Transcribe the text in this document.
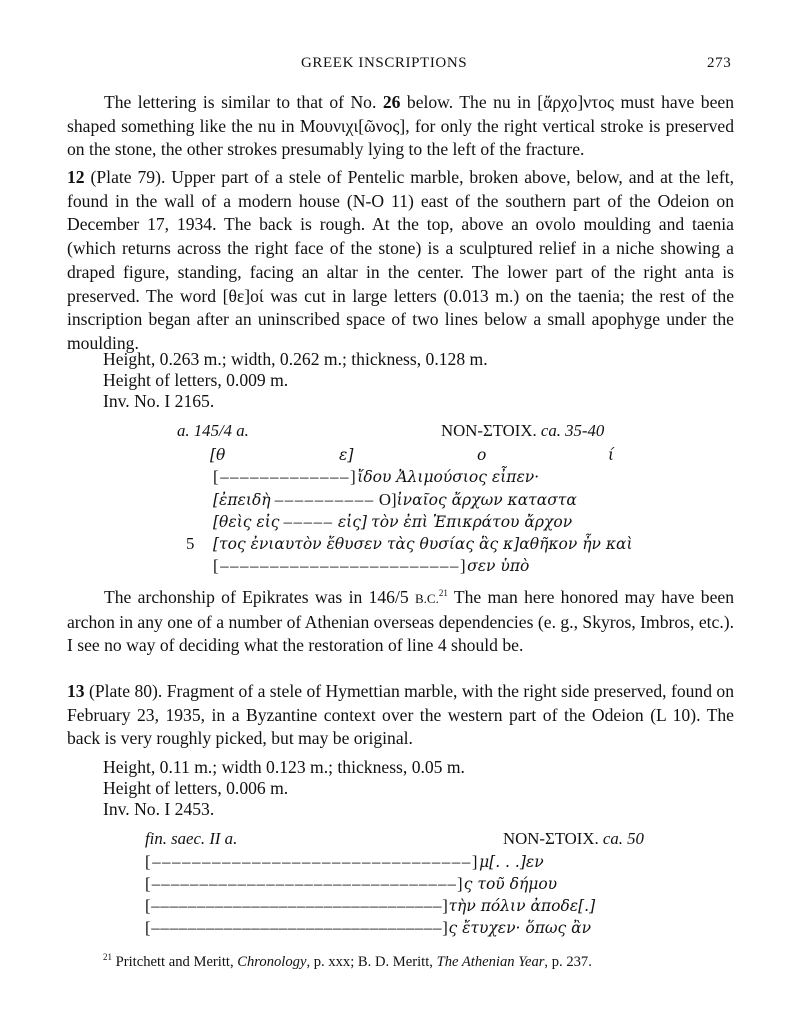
GREEK INSCRIPTIONS	273

The lettering is similar to that of No. 26 below. The nu in [ἄρχο]ντος must have been shaped something like the nu in Μουνιχι[ῶνος], for only the right vertical stroke is preserved on the stone, the other strokes presumably lying to the left of the fracture.

12 (Plate 79). Upper part of a stele of Pentelic marble, broken above, below, and at the left, found in the wall of a modern house (N-O 11) east of the southern part of the Odeion on December 17, 1934. The back is rough. At the top, above an ovolo moulding and taenia (which returns across the right face of the stone) is a sculptured relief in a niche showing a draped figure, standing, facing an altar in the center. The lower part of the right anta is preserved. The word [θε]οί was cut in large letters (0.013 m.) on the taenia; the rest of the inscription began after an uninscribed space of two lines below a small apophyge under the moulding.

Height, 0.263 m.; width, 0.262 m.; thickness, 0.128 m.
Height of letters, 0.009 m.
Inv. No. I 2165.
a. 145/4 a.	NON-ΣΤΟΙΧ. ca. 35-40
[θ	ε]	ο	ί
[–––––––––––––]ἴδου Ἀλιμούσιος εἶπεν·
[ἐπειδὴ –––––––––– Ο]ἰναῖος ἄρχων καταστα
[θεὶς εἰς ––––– εἰς] τὸν ἐπὶ Ἐπικράτου ἄρχον
5 [τος ἐνιαυτὸν ἔθυσεν τὰς θυσίας ἃς κ]αθῆκον ἦν καὶ
[––––––––––––––––––––––––]σεν ὑπὸ

The archonship of Epikrates was in 146/5 B.C.$^{21}$ The man here honored may have been archon in any one of a number of Athenian overseas dependencies (e. g., Skyros, Imbros, etc.). I see no way of deciding what the restoration of line 4 should be.

13 (Plate 80). Fragment of a stele of Hymettian marble, with the right side preserved, found on February 23, 1935, in a Byzantine context over the western part of the Odeion (L 10). The back is very roughly picked, but may be original.

Height, 0.11 m.; width 0.123 m.; thickness, 0.05 m.
Height of letters, 0.006 m.
Inv. No. I 2453.
fin. saec. II a.	NON-ΣΤΟΙΧ. ca. 50
[––––––––––––––––––––––––––––––––]μ[. . .]εν
[––––––––––––––––––––––––––––––––]ς τοῦ δήμου
[––––––––––––––––––––––––––––––––]τὴν πόλιν ἀποδε[.]
[––––––––––––––––––––––––––––––––]ς ἔτυχεν· ὅπως ἂν
$^{21}$ Pritchett and Meritt, Chronology, p. xxx; B. D. Meritt, The Athenian Year, p. 237.
